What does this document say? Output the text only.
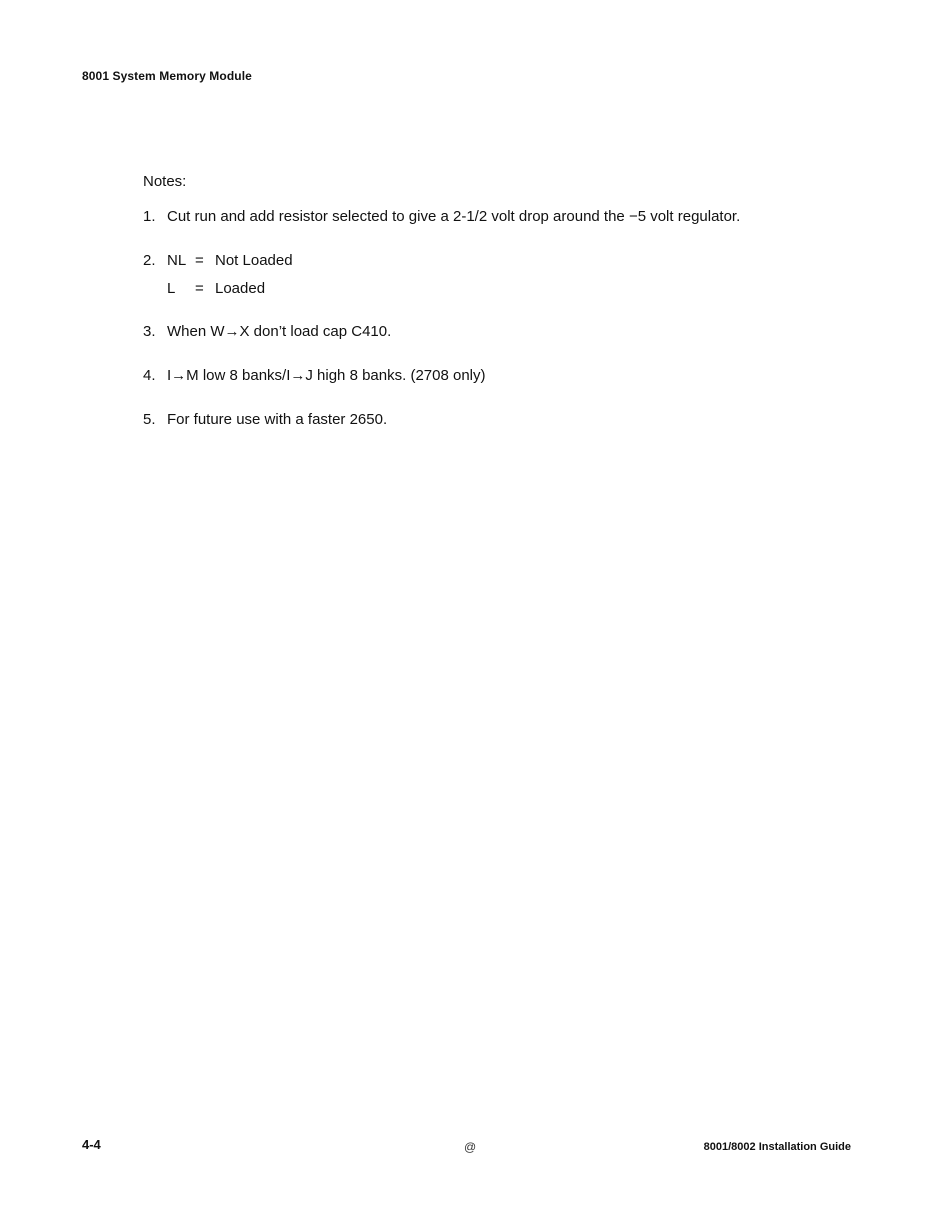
8001 System Memory Module
Notes:
1. Cut run and add resistor selected to give a 2-1/2 volt drop around the −5 volt regulator.
2. NL = Not Loaded
L	= Loaded
3. When W→X don’t load cap C410.
4. I→M low 8 banks/I→J high 8 banks. (2708 only)
5. For future use with a faster 2650.
4-4	@	8001/8002 Installation Guide
